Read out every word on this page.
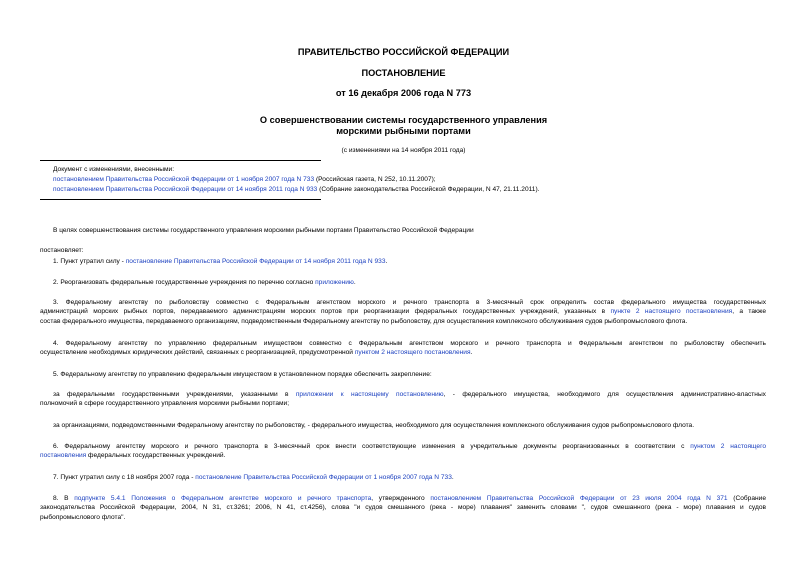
ПРАВИТЕЛЬСТВО РОССИЙСКОЙ ФЕДЕРАЦИИ
ПОСТАНОВЛЕНИЕ
от 16 декабря 2006 года N 773
О совершенствовании системы государственного управления
морскими рыбными портами
(с изменениями на 14 ноября 2011 года)
Документ с изменениями, внесенными:
постановлением Правительства Российской Федерации от 1 ноября 2007 года N 733 (Российская газета, N 252, 10.11.2007);
постановлением Правительства Российской Федерации от 14 ноября 2011 года N 933 (Собрание законодательства Российской Федерации, N 47, 21.11.2011).
В целях совершенствования системы государственного управления морскими рыбными портами Правительство Российской Федерации
постановляет:
1. Пункт утратил силу - постановление Правительства Российской Федерации от 14 ноября 2011 года N 933.
2. Реорганизовать федеральные государственные учреждения по перечню согласно приложению.
3. Федеральному агентству по рыболовству совместно с Федеральным агентством морского и речного транспорта в 3-месячный срок определить состав федерального имущества государственных
администраций морских рыбных портов, передаваемого администрациям морских портов при реорганизации федеральных государственных учреждений, указанных в пункте 2 настоящего постановления, а также
состав федерального имущества, передаваемого организациям, подведомственным Федеральному агентству по рыболовству, для осуществления комплексного обслуживания судов рыбопромыслового флота.
4. Федеральному агентству по управлению федеральным имуществом совместно с Федеральным агентством морского и речного транспорта и Федеральным агентством по рыболовству обеспечить
осуществление необходимых юридических действий, связанных с реорганизацией, предусмотренной пунктом 2 настоящего постановления.
5. Федеральному агентству по управлению федеральным имуществом в установленном порядке обеспечить закрепление:
за федеральными государственными учреждениями, указанными в приложении к настоящему постановлению, - федерального имущества, необходимого для осуществления административно-властных
полномочий в сфере государственного управления морскими рыбными портами;
за организациями, подведомственными Федеральному агентству по рыболовству, - федерального имущества, необходимого для осуществления комплексного обслуживания судов рыбопромыслового флота.
6. Федеральному агентству морского и речного транспорта в 3-месячный срок внести соответствующие изменения в учредительные документы реорганизованных в соответствии с пунктом 2 настоящего
постановления федеральных государственных учреждений.
7. Пункт утратил силу с 18 ноября 2007 года - постановление Правительства Российской Федерации от 1 ноября 2007 года N 733.
8. В подпункте 5.4.1 Положения о Федеральном агентстве морского и речного транспорта, утвержденного постановлением Правительства Российской Федерации от 23 июля 2004 года N 371 (Собрание
законодательства Российской Федерации, 2004, N 31, ст.3261; 2006, N 41, ст.4256), слова "и судов смешанного (река - море) плавания" заменить словами ", судов смешанного (река - море) плавания и судов
рыбопромыслового флота".
